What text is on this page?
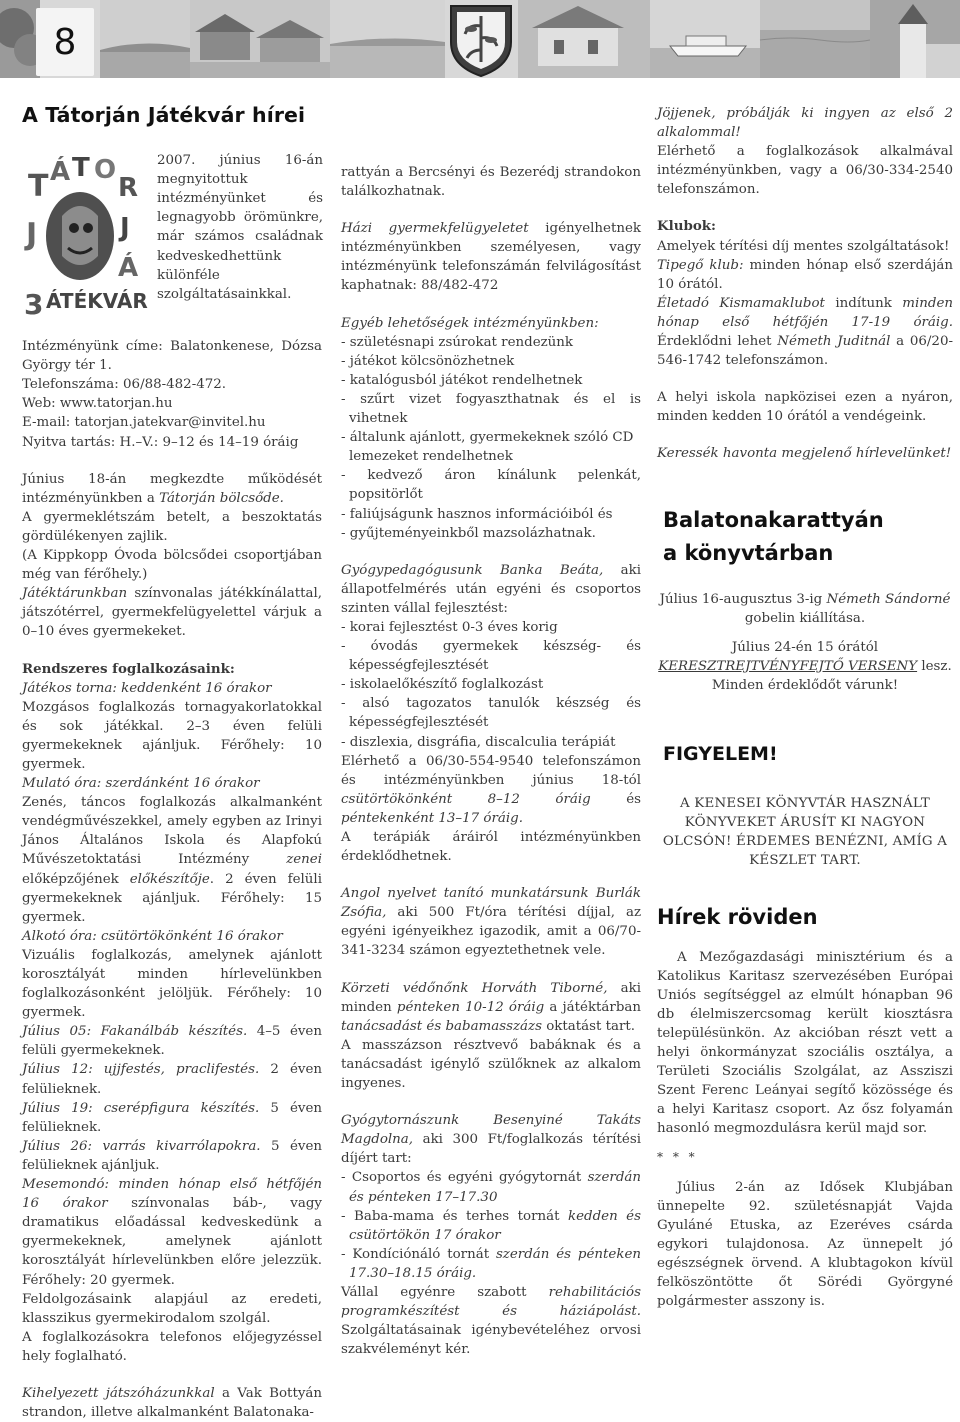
8
A Tátorján Játékvár hírei
T Á T O
R
J	J
Á
3 ÁTÉKVÁR

2007. június 16-án megnyitottuk intézményünket és legnagyobb örömünkre, már számos családnak kedveskedhettünk különféle szolgáltatásainkkal.

Intézményünk címe: Balatonkenese, Dózsa György tér 1.

Telefonszáma: 06/88-482-472.

Web: www.tatorjan.hu

E-mail: tatorjan.jatekvar@invitel.hu

Nyitva tartás: H.–V.: 9–12 és 14–19 óráig

Június 18-án megkezdte működését intézményünkben a Tátorján bölcsőde.

A gyermeklétszám betelt, a beszoktatás gördülékenyen zajlik.

(A Kippkopp Óvoda bölcsődei csoportjában még van férőhely.)

Játéktárunkban színvonalas játékkínálattal, játszótérrel, gyermekfelügyelettel várjuk a 0–10 éves gyermekeket.

Rendszeres foglalkozásaink:

Játékos torna: keddenként 16 órakor

Mozgásos foglalkozás tornagyakorlatokkal és sok játékkal. 2–3 éven felüli gyermekeknek ajánljuk. Férőhely: 10 gyermek.

Mulató óra: szerdánként 16 órakor

Zenés, táncos foglalkozás alkalmanként vendégművészekkel, amely egyben az Irinyi János Általános Iskola és Alapfokú Művészetoktatási Intézmény zenei előképzőjének előkészítője. 2 éven felüli gyermekeknek ajánljuk. Férőhely: 15 gyermek.

Alkotó óra: csütörtökönként 16 órakor

Vizuális foglalkozás, amelynek ajánlott korosztályát minden hírlevelünkben foglalkozásonként jelöljük. Férőhely: 10 gyermek.

Július 05: Fakanálbáb készítés. 4–5 éven felüli gyermekeknek.

Július 12: ujjfestés, praclifestés. 2 éven felülieknek.

Július 19: cserépfigura készítés. 5 éven felülieknek.

Július 26: varrás kivarrólapokra. 5 éven felülieknek ajánljuk.

Mesemondó: minden hónap első hétfőjén 16 órakor színvonalas báb-, vagy dramatikus előadással kedveskedünk a gyermekeknek, amelynek ajánlott korosztályát hírlevelünkben előre jelezzük. Férőhely: 20 gyermek.

Feldolgozásaink alapjául az eredeti, klasszikus gyermekirodalom szolgál.

A foglalkozásokra telefonos előjegyzéssel hely foglalható.

Kihelyezett játszóházunkkal a Vak Bottyán strandon, illetve alkalmanként Balatonaka-

rattyán a Bercsényi és Bezerédj strandokon találkozhatnak.

Házi gyermekfelügyeletet igényelhetnek intézményünkben személyesen, vagy intézményünk telefonszámán felvilágosítást kaphatnak: 88/482-472

Egyéb lehetőségek intézményünkben:

- születésnapi zsúrokat rendezünk

- játékot kölcsönözhetnek

- katalógusból játékot rendelhetnek

- szűrt vizet fogyaszthatnak és el is vihetnek

- általunk ajánlott, gyermekeknek szóló CD lemezeket rendelhetnek

- kedvező áron kínálunk pelenkát, popsitörlőt

- faliújságunk hasznos információiból és

- gyűjteményeinkből mazsolázhatnak.

Gyógypedagógusunk Banka Beáta, aki állapotfelmérés után egyéni és csoportos szinten vállal fejlesztést:

- korai fejlesztést 0-3 éves korig

- óvodás gyermekek készség- és képességfejlesztését

- iskolaelőkészítő foglalkozást

- alsó tagozatos tanulók készség és képességfejlesztését

- diszlexia, disgráfia, discalculia terápiát

Elérhető a 06/30-554-9540 telefonszámon és intézményünkben június 18-tól csütörtökönként 8–12 óráig és péntekenként 13–17 óráig.

A terápiák áráiról intézményünkben érdeklődhetnek.

Angol nyelvet tanító munkatársunk Burlák Zsófia, aki 500 Ft/óra térítési díjjal, az egyéni igényeikhez igazodik, amit a 06/70-341-3234 számon egyeztethetnek vele.

Körzeti védőnőnk Horváth Tiborné, aki minden pénteken 10-12 óráig a játéktárban tanácsadást és babamasszázs oktatást tart.

A masszázson résztvevő babáknak és a tanácsadást igénylő szülőknek az alkalom ingyenes.

Gyógytornászunk Besenyiné Takáts Magdolna, aki 300 Ft/foglalkozás térítési díjért tart:

- Csoportos és egyéni gyógytornát szerdán és pénteken 17–17.30

- Baba-mama és terhes tornát kedden és csütörtökön 17 órakor

- Kondíciónáló tornát szerdán és pénteken 17.30–18.15 óráig.

Vállal egyénre szabott rehabilitációs programkészítést és háziápolást. Szolgáltatásainak igénybevételéhez orvosi szakvéleményt kér.

Jöjjenek, próbálják ki ingyen az első 2 alkalommal!

Elérhető a foglalkozások alkalmával intézményünkben, vagy a 06/30-334-2540 telefonszámon.

Klubok:

Amelyek térítési díj mentes szolgáltatások!

Tipegő klub: minden hónap első szerdáján 10 órától.

Életadó Kismamaklubot indítunk minden hónap első hétfőjén 17-19 óráig. Érdeklődni lehet Németh Juditnál a 06/20-546-1742 telefonszámon.

A helyi iskola napközisei ezen a nyáron, minden kedden 10 órától a vendégeink.

Keressék havonta megjelenő hírlevelünket!

Balatonakarattyán
a könyvtárban

Július 16-augusztus 3-ig Németh Sándorné gobelin kiállítása.

Július 24-én 15 órától KERESZTREJTVÉNYFEJTŐ VERSENY lesz.

Minden érdeklődőt várunk!

FIGYELEM!

A KENESEI KÖNYVTÁR HASZNÁLT KÖNYVEKET ÁRUSÍT KI NAGYON OLCSÓN! ÉRDEMES BENÉZNI, AMÍG A KÉSZLET TART.

Hírek röviden

A Mezőgazdasági minisztérium és a Katolikus Karitasz szervezésében Európai Uniós segítséggel az elmúlt hónapban 96 db élelmiszercsomag került kiosztásra településünkön. Az akcióban részt vett a helyi önkormányzat szociális osztálya, a Területi Szociális Szolgálat, az Assziszi Szent Ferenc Leányai segítő közössége és a helyi Karitasz csoport. Az ősz folyamán hasonló megmozdulásra kerül majd sor.

* * *

Július 2-án az Idősek Klubjában ünnepelte 92. születésnapját Vajda Gyuláné Etuska, az Ezeréves csárda egykori tulajdonosa. Az ünnepelt jó egészségnek örvend. A klubtagokon kívül felköszöntötte őt Sörédi Györgyné polgármester asszony is.
